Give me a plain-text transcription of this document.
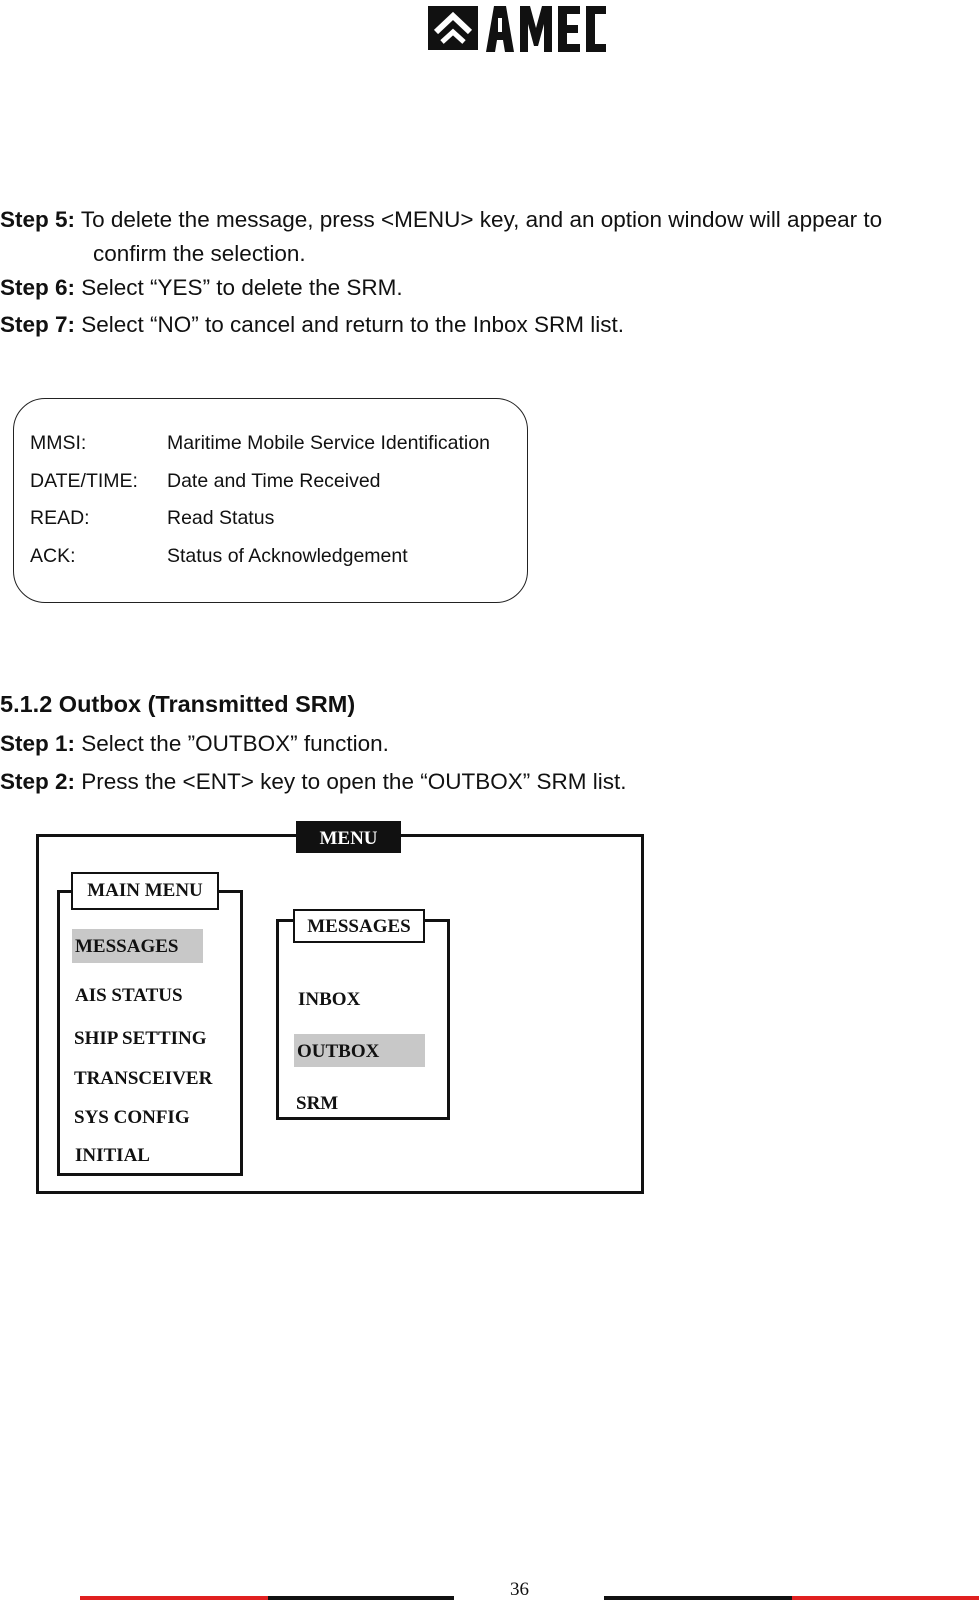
Step 5: To delete the message, press <MENU> key, and an option window will appear to
confirm the selection.
Step 6: Select “YES” to delete the SRM.
Step 7: Select “NO” to cancel and return to the Inbox SRM list.
MMSI:	Maritime Mobile Service Identification
DATE/TIME: Date and Time Received
READ:	Read Status
ACK:	Status of Acknowledgement
5.1.2 Outbox (Transmitted SRM)
Step 1: Select the ”OUTBOX” function.
Step 2: Press the <ENT> key to open the “OUTBOX” SRM list.
MENU
MAIN MENU
MESSAGES
AIS STATUS
SHIP SETTING
TRANSCEIVER
SYS CONFIG
INITIAL
MESSAGES
INBOX
OUTBOX
SRM
36
